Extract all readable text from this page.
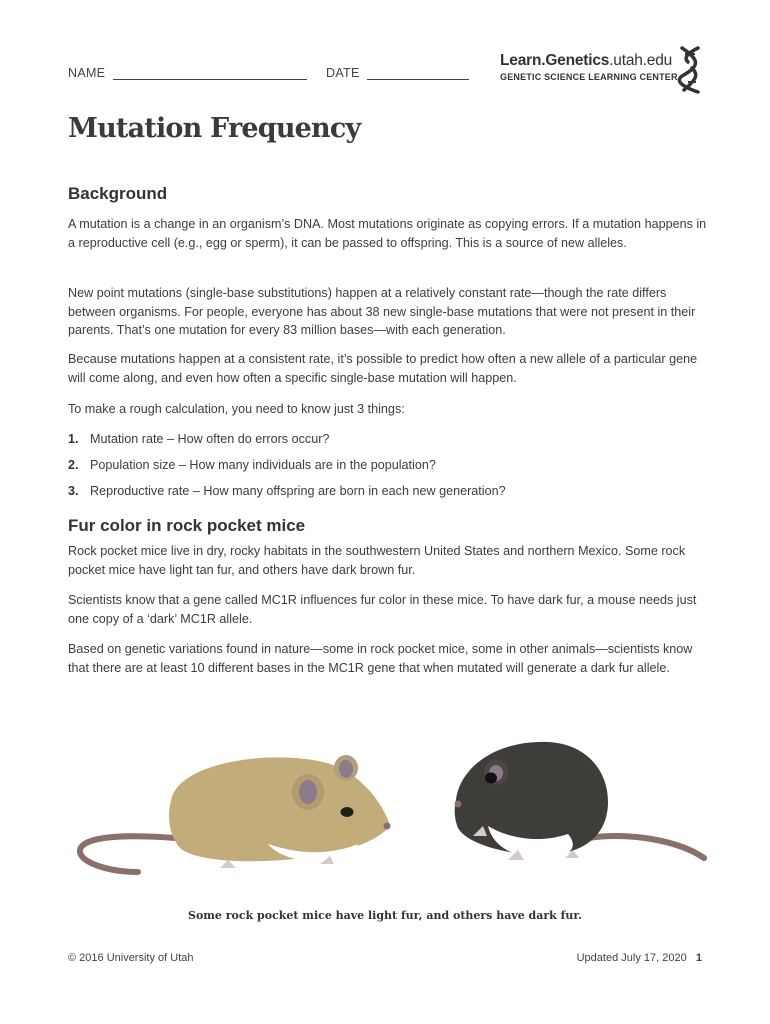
NAME	DATE
Learn.Genetics.utah.edu
GENETIC SCIENCE LEARNING CENTER
Mutation Frequency
Background

A mutation is a change in an organism’s DNA. Most mutations originate as copying errors. If a mutation happens in a reproductive cell (e.g., egg or sperm), it can be passed to offspring. This is a source of new alleles.

New point mutations (single-base substitutions) happen at a relatively constant rate—though the rate differs between organisms. For people, everyone has about 38 new single-base mutations that were not present in their parents. That’s one mutation for every 83 million bases—with each generation.

Because mutations happen at a consistent rate, it’s possible to predict how often a new allele of a particular gene will come along, and even how often a specific single-base mutation will happen.

To make a rough calculation, you need to know just 3 things:

1. Mutation rate – How often do errors occur?
2. Population size – How many individuals are in the population?
3. Reproductive rate – How many offspring are born in each new generation?
Fur color in rock pocket mice

Rock pocket mice live in dry, rocky habitats in the southwestern United States and northern Mexico. Some rock pocket mice have light tan fur, and others have dark brown fur.

Scientists know that a gene called MC1R influences fur color in these mice. To have dark fur, a mouse needs just one copy of a ‘dark’ MC1R allele.

Based on genetic variations found in nature—some in rock pocket mice, some in other animals—scientists know that there are at least 10 different bases in the MC1R gene that when mutated will generate a dark fur allele.

Some rock pocket mice have light fur, and others have dark fur.
© 2016 University of Utah	Updated July 17, 2020 1
